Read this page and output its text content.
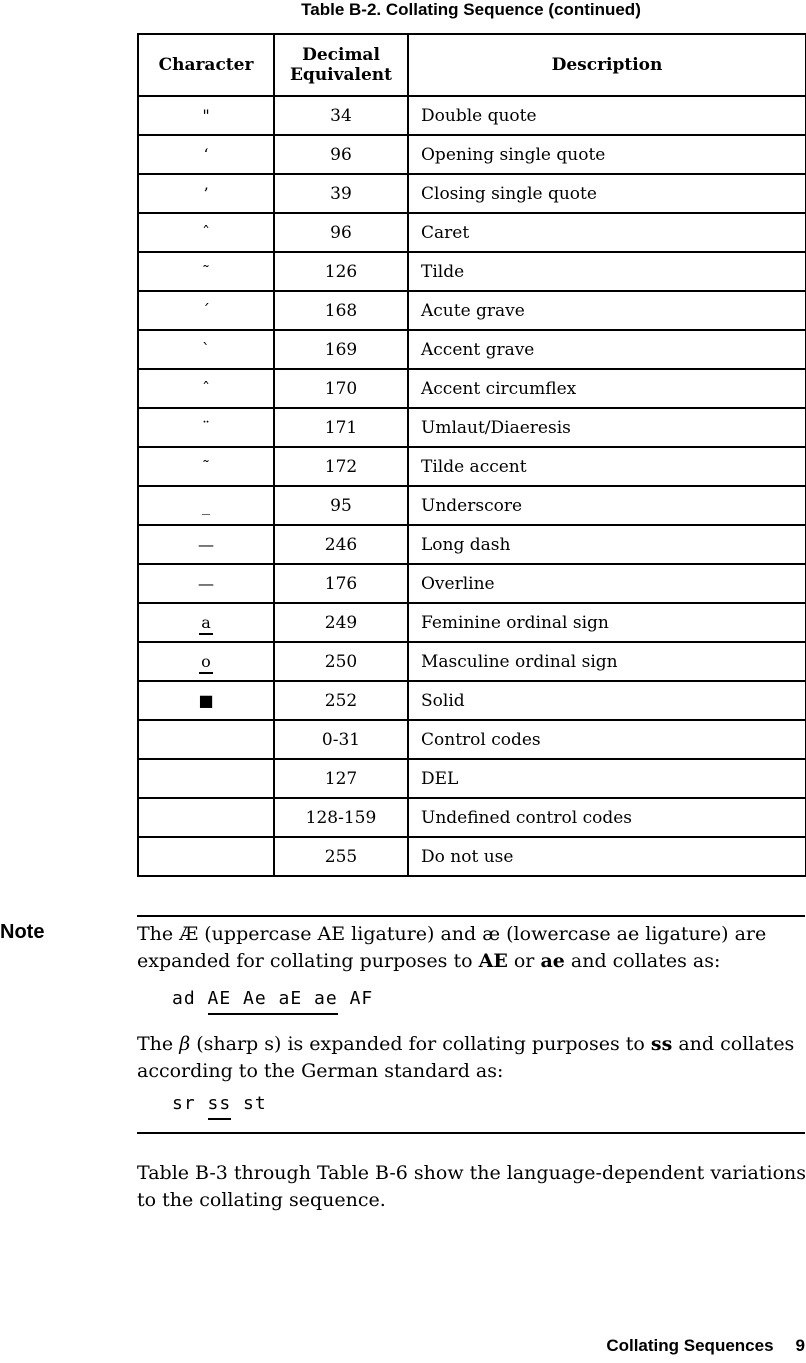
Table B-2. Collating Sequence (continued)
Character	Decimal Equivalent	Description
"	34	Double quote
‘	96	Opening single quote
’	39	Closing single quote
ˆ	96	Caret
˜	126	Tilde
´	168	Acute grave
`	169	Accent grave
ˆ	170	Accent circumflex
¨	171	Umlaut/Diaeresis
˜	172	Tilde accent
_	95	Underscore
—	246	Long dash
—	176	Overline
a	249	Feminine ordinal sign
o	250	Masculine ordinal sign
■	252	Solid
	0-31	Control codes
	127	DEL
	128-159	Undefined control codes
	255	Do not use
Note	The Æ (uppercase AE ligature) and æ (lowercase ae ligature) are expanded for collating purposes to AE or ae and collates as:
ad AE Ae aE ae AF
The β (sharp s) is expanded for collating purposes to ss and collates according to the German standard as:
sr ss st
Table B-3 through Table B-6 show the language-dependent variations to the collating sequence.
Collating Sequences 9
